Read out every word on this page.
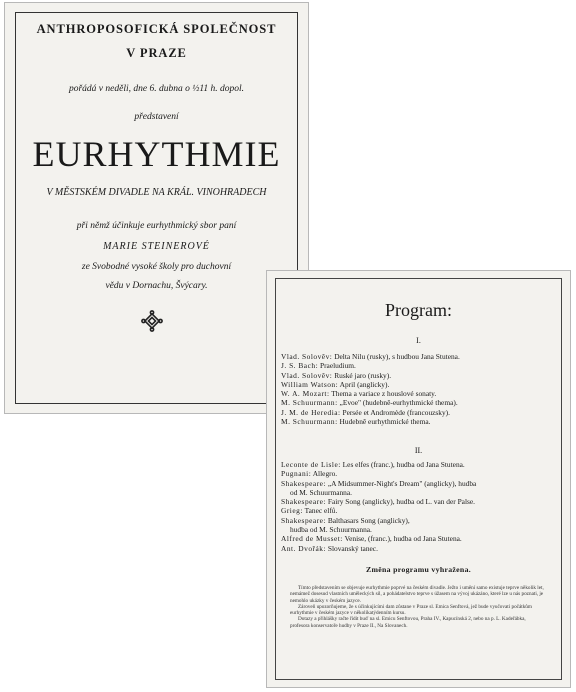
ANTHROPOSOFICKÁ SPOLEČNOST
V PRAZE
pořádá v neděli, dne 6. dubna o ½11 h. dopol.
představení
EURHYTHMIE
V MĚSTSKÉM DIVADLE NA KRÁL. VINOHRADECH
při němž účinkuje eurhythmický sbor paní
MARIE STEINEROVÉ
ze Svobodné vysoké školy pro duchovní
vědu v Dornachu, Švýcary.
Program:
I.
Vlad. Solověv: Delta Nilu (rusky), s hudbou Jana Stutena.
J. S. Bach: Praeludium.
Vlad. Solověv: Ruské jaro (rusky).
William Watson: April (anglicky).
W. A. Mozart: Thema a variace z houslové sonaty.
M. Schuurmann: „Evoe" (hudebně-eurhythmické thema).
J. M. de Heredia: Persée et Andromède (francouzsky).
M. Schuurmann: Hudebně eurhythmické thema.
II.
Leconte de Lisle: Les elfes (franc.), hudba od Jana Stutena.
Pugnani: Allegro.
Shakespeare: „A Midsummer-Night's Dream" (anglicky), hudba
od M. Schuurmanna.
Shakespeare: Fairy Song (anglicky), hudba od L. van der Palse.
Grieg: Tanec elfů.
Shakespeare: Balthasars Song (anglicky),
hudba od M. Schuurmanna.
Alfred de Musset: Venise, (franc.), hudba od Jana Stutena.
Ant. Dvořák: Slovanský tanec.
Změna programu vyhražena.

Tímto představením se objevuje eurhythmie poprvé na českém divadle. Ježto i umění samo existuje teprve několik let, nemámež dosesud vlastních uměleckých sil, a pohádatelstvo teprve s úžasem na vývoj ukázáno, které lze u nás poznati, je nemohlo ukázky v českém jazyce.

Zároveň upozorňujeme, že s účinkujícími dam zůstane v Praze sl. Emica Senftová, jež bude vyučovati počátkům eurhythmie v českém jazyce v několikatýdenním kursu.

Dotazy a přihlášky račte řídit buď na sl. Emicu Senftovou, Praha IV., Kapucínská 2, nebo na p. L. Kadeřábka, profesora konservatoře hudby v Praze II., Na Slovanech.
